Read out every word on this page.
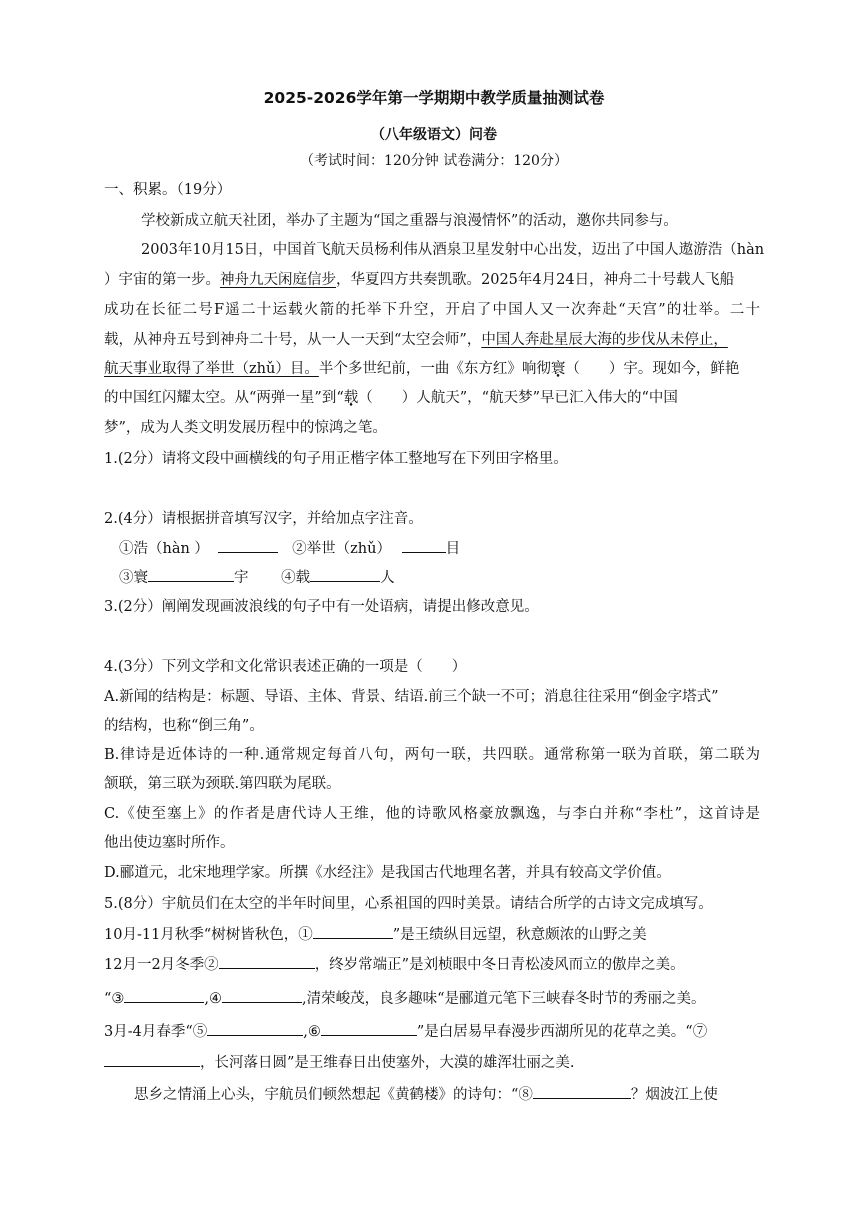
2025-2026学年第一学期期中教学质量抽测试卷
（八年级语文）问卷
（考试时间：120分钟 试卷满分：120分）
一、积累。（19分）
学校新成立航天社团，举办了主题为“国之重器与浪漫情怀”的活动，邀你共同参与。
2003年10月15日，中国首飞航天员杨利伟从酒泉卫星发射中心出发，迈出了中国人遨游浩（hàn
）宇宙的第一步。神舟九天闲庭信步，华夏四方共奏凯歌。2025年4月24日，神舟二十号载人飞船
成功在长征二号F遥二十运载火箭的托举下升空，开启了中国人又一次奔赴“天宫”的壮举。二十
载，从神舟五号到神舟二十号，从一人一天到“太空会师”，中国人奔赴星辰大海的步伐从未停止，
航天事业取得了举世（zhǔ）目。半个多世纪前，一曲《东方红》响彻寰（　　）宇。现如今，鲜艳
的中国红闪耀太空。从“两弹一星”到“载（　　）人航天”，“航天梦”早已汇入伟大的“中国
梦”，成为人类文明发展历程中的惊鸿之笔。
1.(2分）请将文段中画横线的句子用正楷字体工整地写在下列田字格里。
2.(4分）请根据拼音填写汉字，并给加点字注音。
①浩（hàn ）	②举世（zhǔ）	目
③寰	宇 ④载	人
3.(2分）阐阐发现画波浪线的句子中有一处语病，请提出修改意见。
4.(3分）下列文学和文化常识表述正确的一项是（　　）
A.新闻的结构是：标题、导语、主体、背景、结语.前三个缺一不可；消息往往采用“倒金字塔式”
的结构，也称“倒三角”。
B.律诗是近体诗的一种.通常规定每首八句，两句一联，共四联。通常称第一联为首联，第二联为
颔联，第三联为颈联.第四联为尾联。
C.《使至塞上》的作者是唐代诗人王维，他的诗歌风格豪放飘逸，与李白并称“李杜”，这首诗是
他出使边塞时所作。
D.郦道元，北宋地理学家。所撰《水经注》是我国古代地理名著，并具有较高文学价值。
5.(8分）宇航员们在太空的半年时间里，心系祖国的四时美景。请结合所学的古诗文完成填写。
10月-11月秋季“树树皆秋色，①	”是王绩纵目远望，秋意颇浓的山野之美
12月一2月冬季②	，终岁常端正”是刘桢眼中冬日青松凌风而立的傲岸之美。
“③	,④	,清荣峻茂，良多趣味“是郦道元笔下三峡春冬时节的秀丽之美。
3月-4月春季“⑤	,⑥	”是白居易早春漫步西湖所见的花草之美。“⑦
，长河落日圆”是王维春日出使塞外，大漠的雄浑壮丽之美.
思乡之情涌上心头，宇航员们顿然想起《黄鹤楼》的诗句：“⑧	？烟波江上使
